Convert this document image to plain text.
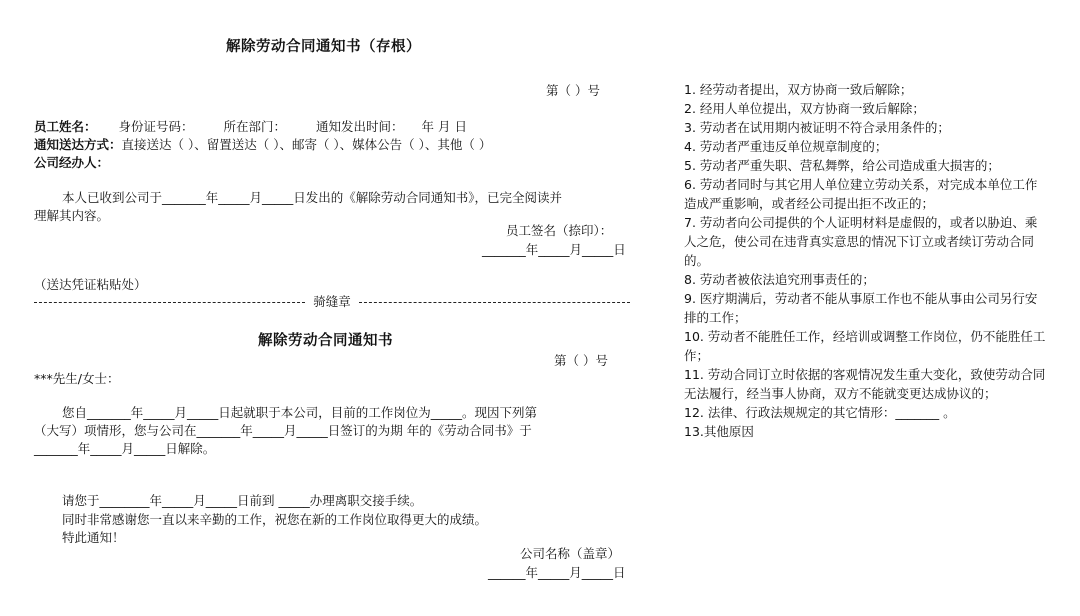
解除劳动合同通知书（存根）
第（ ）号
员工姓名： 身份证号码： 所在部门： 通知发出时间： 年 月 日
通知送达方式：直接送达（ ）、留置送达（ ）、邮寄（ ）、媒体公告（ ）、其他（ ）
公司经办人：
本人已收到公司于_______年_____月_____日发出的《解除劳动合同通知书》，已完全阅读并
理解其内容。
员工签名（捺印）：
_______年_____月_____日
（送达凭证粘贴处）
骑缝章
解除劳动合同通知书
第（ ）号
***先生/女士：
您自_______年_____月_____日起就职于本公司，目前的工作岗位为_____。现因下列第
（大写）项情形，您与公司在_______年_____月_____日签订的为期 年的《劳动合同书》于
_______年_____月_____日解除。
请您于________年_____月_____日前到 _____办理离职交接手续。
同时非常感谢您一直以来辛勤的工作，祝您在新的工作岗位取得更大的成绩。
特此通知！
公司名称（盖章）
______年_____月_____日
1. 经劳动者提出，双方协商一致后解除；
2. 经用人单位提出，双方协商一致后解除；
3. 劳动者在试用期内被证明不符合录用条件的；
4. 劳动者严重违反单位规章制度的；
5. 劳动者严重失职、营私舞弊，给公司造成重大损害的；
6. 劳动者同时与其它用人单位建立劳动关系，对完成本单位工作造成严重影响，或者经公司提出拒不改正的；
7. 劳动者向公司提供的个人证明材料是虚假的，或者以胁迫、乘人之危，使公司在违背真实意思的情况下订立或者续订劳动合同的。
8. 劳动者被依法追究刑事责任的；
9. 医疗期满后，劳动者不能从事原工作也不能从事由公司另行安排的工作；
10. 劳动者不能胜任工作，经培训或调整工作岗位，仍不能胜任工作；
11. 劳动合同订立时依据的客观情况发生重大变化，致使劳动合同无法履行，经当事人协商，双方不能就变更达成协议的；
12. 法律、行政法规规定的其它情形：_______ 。
13.其他原因
